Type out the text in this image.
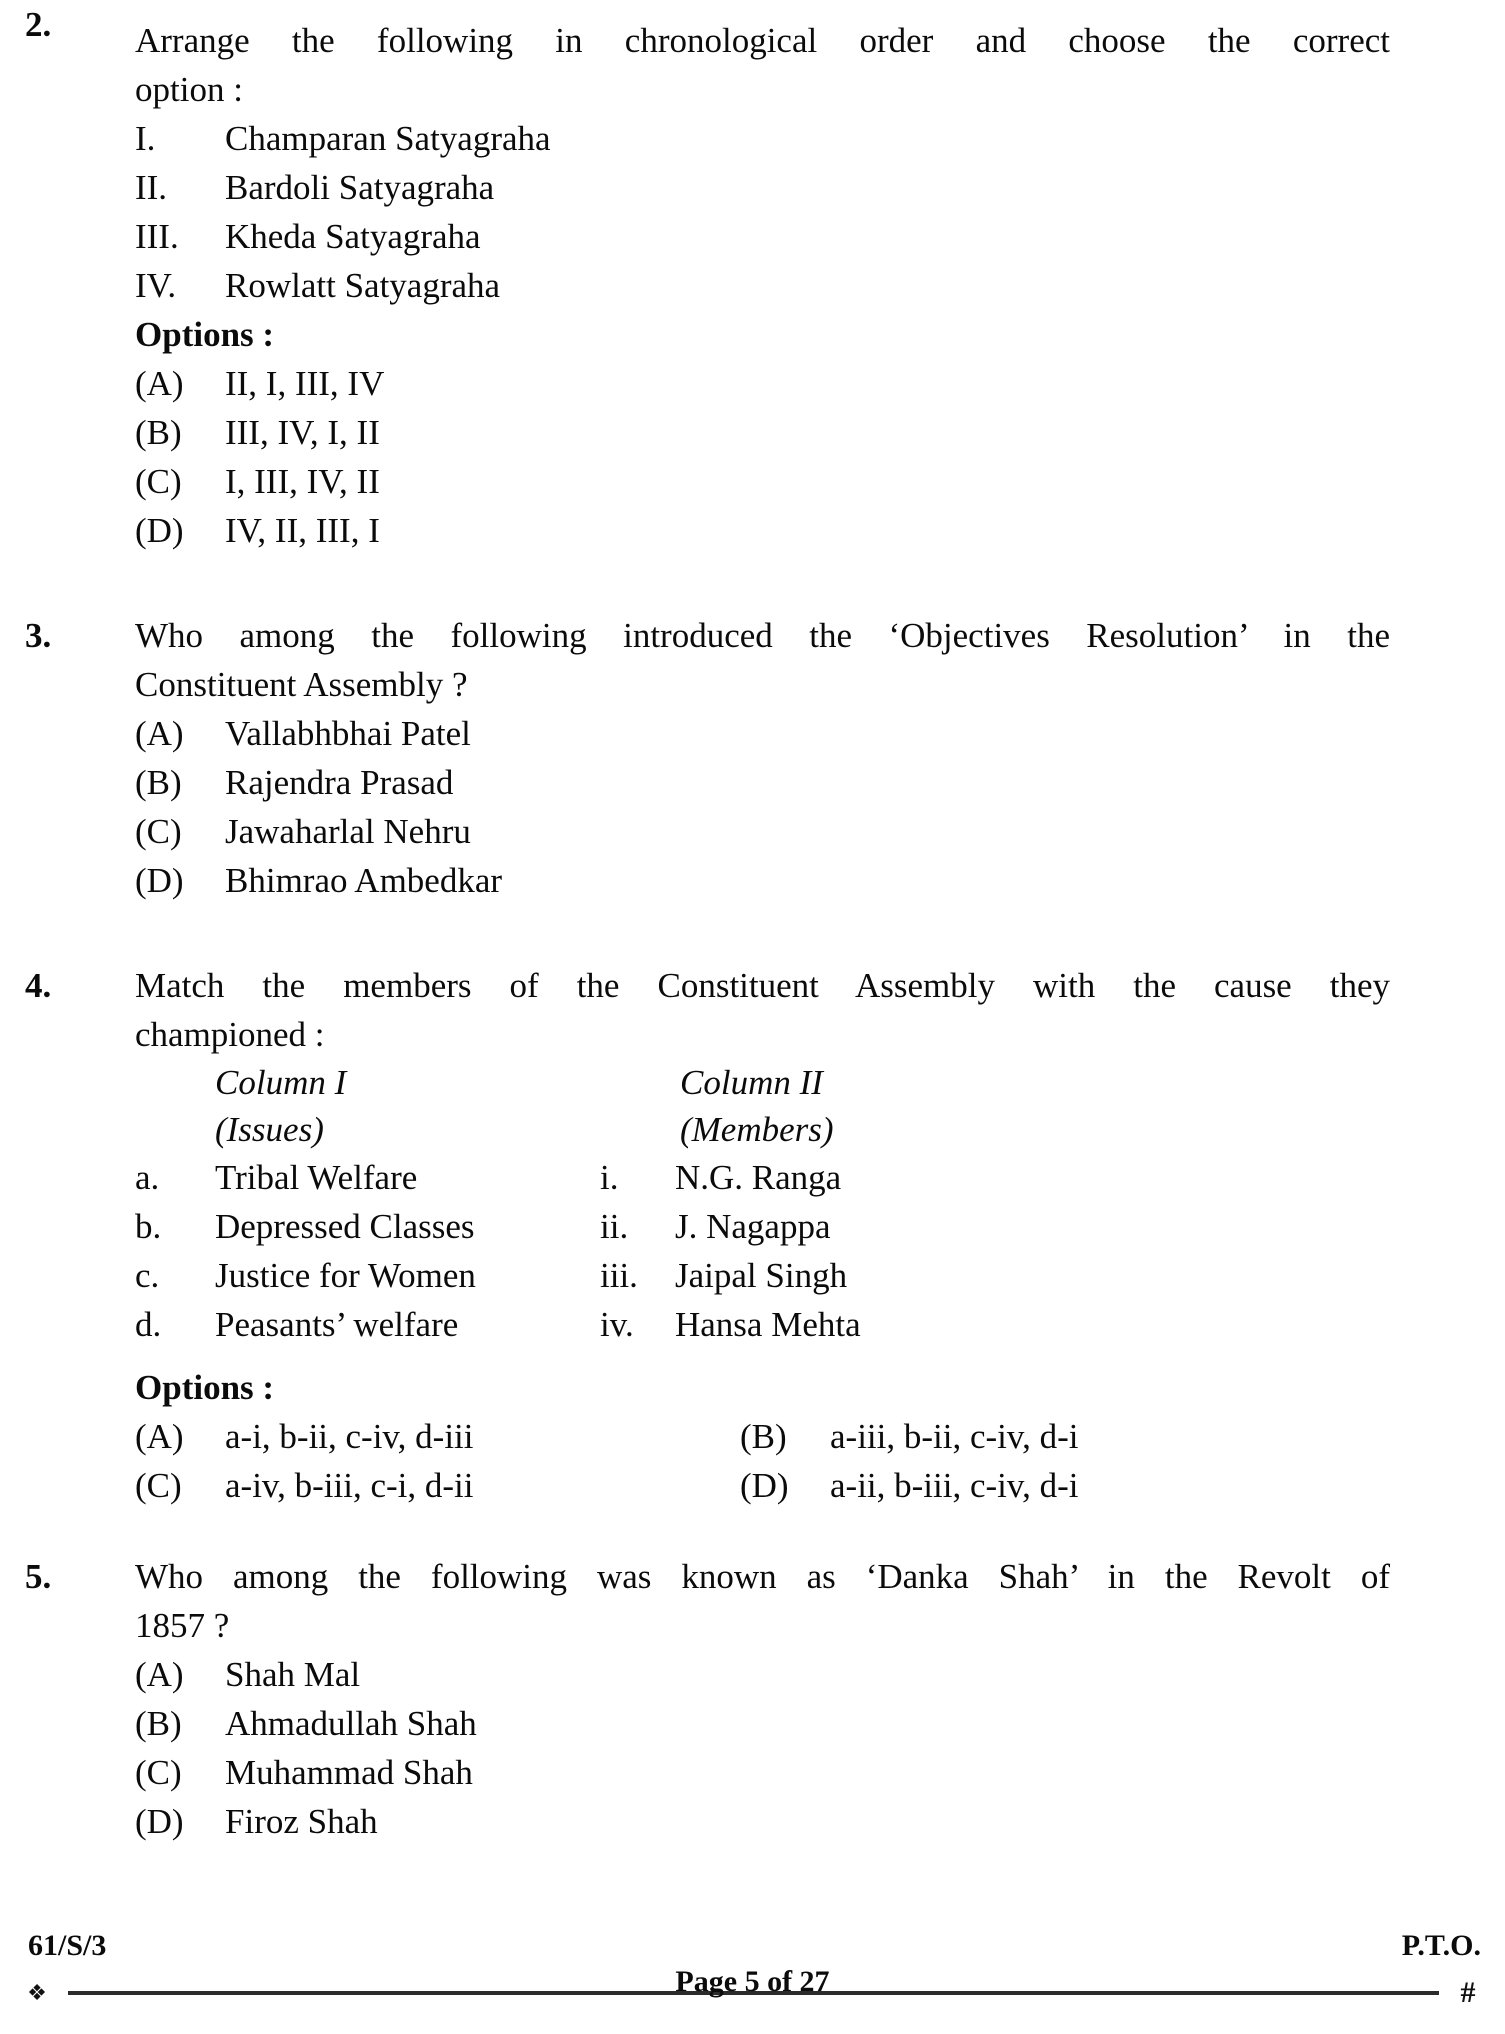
2. Arrange the following in chronological order and choose the correct
option :
I. Champaran Satyagraha
II. Bardoli Satyagraha
III. Kheda Satyagraha
IV. Rowlatt Satyagraha
Options :
(A) II, I, III, IV
(B) III, IV, I, II
(C) I, III, IV, II
(D) IV, II, III, I
3. Who among the following introduced the ‘Objectives Resolution’ in the
Constituent Assembly ?
(A) Vallabhbhai Patel
(B) Rajendra Prasad
(C) Jawaharlal Nehru
(D) Bhimrao Ambedkar
4. Match the members of the Constituent Assembly with the cause they
championed :
Column I	Column II
(Issues)	(Members)
a. Tribal Welfare	i. N.G. Ranga
b. Depressed Classes	ii. J. Nagappa
c. Justice for Women	iii. Jaipal Singh
d. Peasants’ welfare	iv. Hansa Mehta
Options :
(A) a-i, b-ii, c-iv, d-iii	(B) a-iii, b-ii, c-iv, d-i
(C) a-iv, b-iii, c-i, d-ii	(D) a-ii, b-iii, c-iv, d-i
5. Who among the following was known as ‘Danka Shah’ in the Revolt of
1857 ?
(A) Shah Mal
(B) Ahmadullah Shah
(C) Muhammad Shah
(D) Firoz Shah
61/S/3	P.T.O.
Page 5 of 27
❖	#
